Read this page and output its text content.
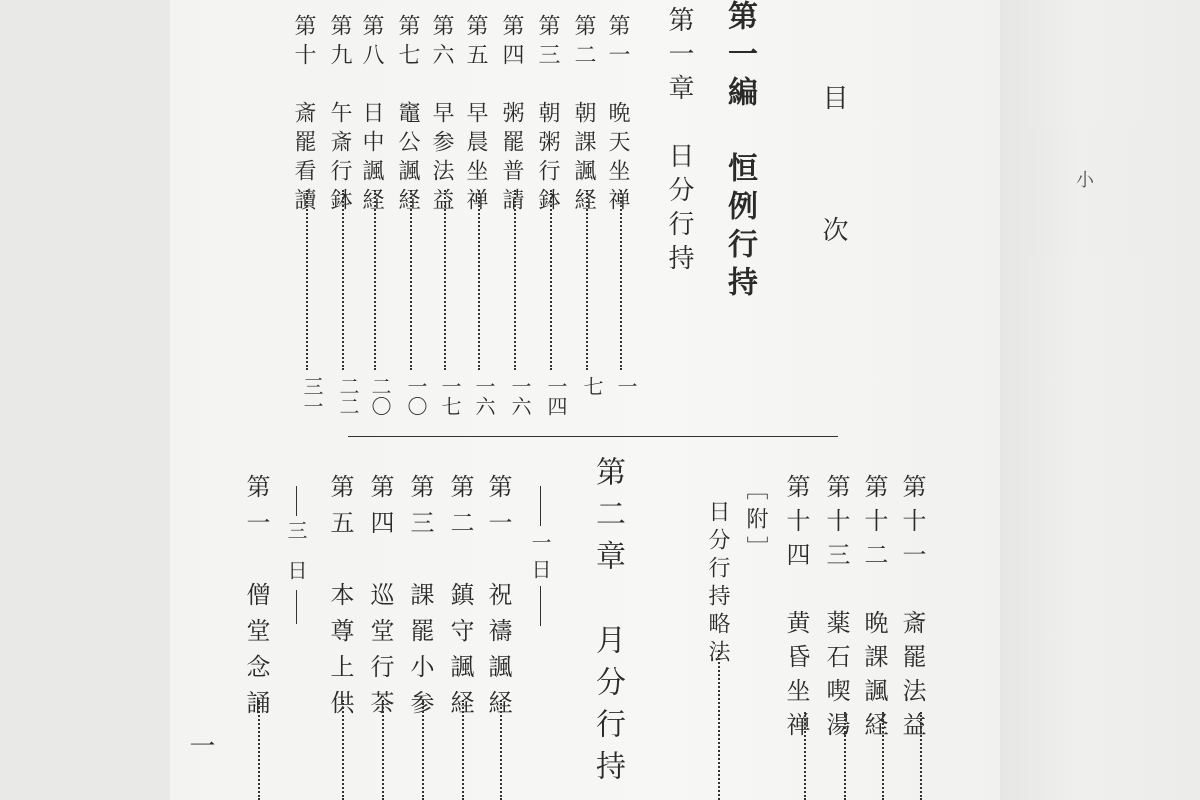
小
目　次
第一編　恒例行持
第一章　日分行持
第一　晩天坐禅
第二　朝課諷経
第三　朝粥行鉢
第四　粥罷普請
第五　早晨坐禅
第六　早参法益
第七　竈公諷経
第八　日中諷経
第九　午斎行鉢
第十　斎罷看讀
一
七
一四
一六
一六
一七
一〇
二〇
二二
三一
第十一　斎罷法益
第十二　晩課諷経
第十三　薬石喫湯
第十四　黄昏坐禅
［附］
日分行持略法
第二章　月分行持
一日
第一　祝禱諷経
第二　鎮守諷経
第三　課罷小参
第四　巡堂行茶
第五　本尊上供
三日
第一　僧堂念誦
一
